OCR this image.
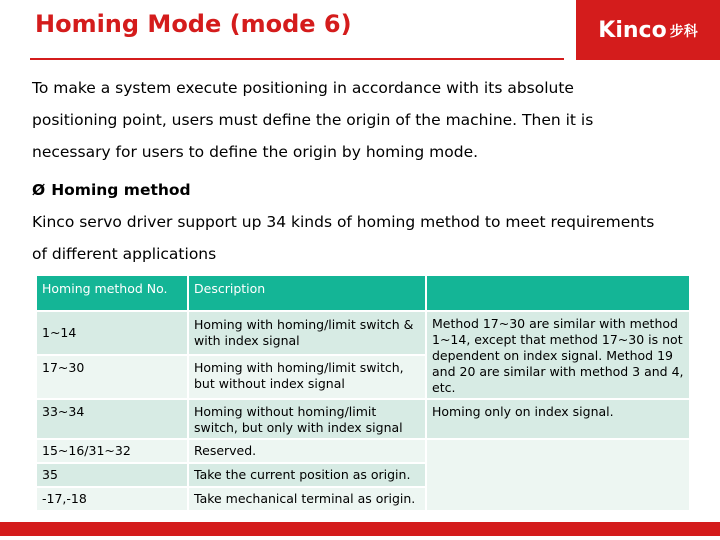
Homing Mode (mode 6)	Kinco 步科
To make a system execute positioning in accordance with its absolute
positioning point, users must define the origin of the machine. Then it is
necessary for users to define the origin by homing mode.
Ø Homing method
Kinco servo driver support up 34 kinds of homing method to meet requirements
of different applications
Homing method No.	Description	
1~14	Homing with homing/limit switch & with index signal	Method 17~30 are similar with method 1~14, except that method 17~30 is not dependent on index signal. Method 19 and 20 are similar with method 3 and 4, etc.
17~30	Homing with homing/limit switch, but without index signal	
33~34	Homing without homing/limit switch, but only with index signal	Homing only on index signal.
15~16/31~32	Reserved.	
35	Take the current position as origin.	
-17,-18	Take mechanical terminal as origin.	
